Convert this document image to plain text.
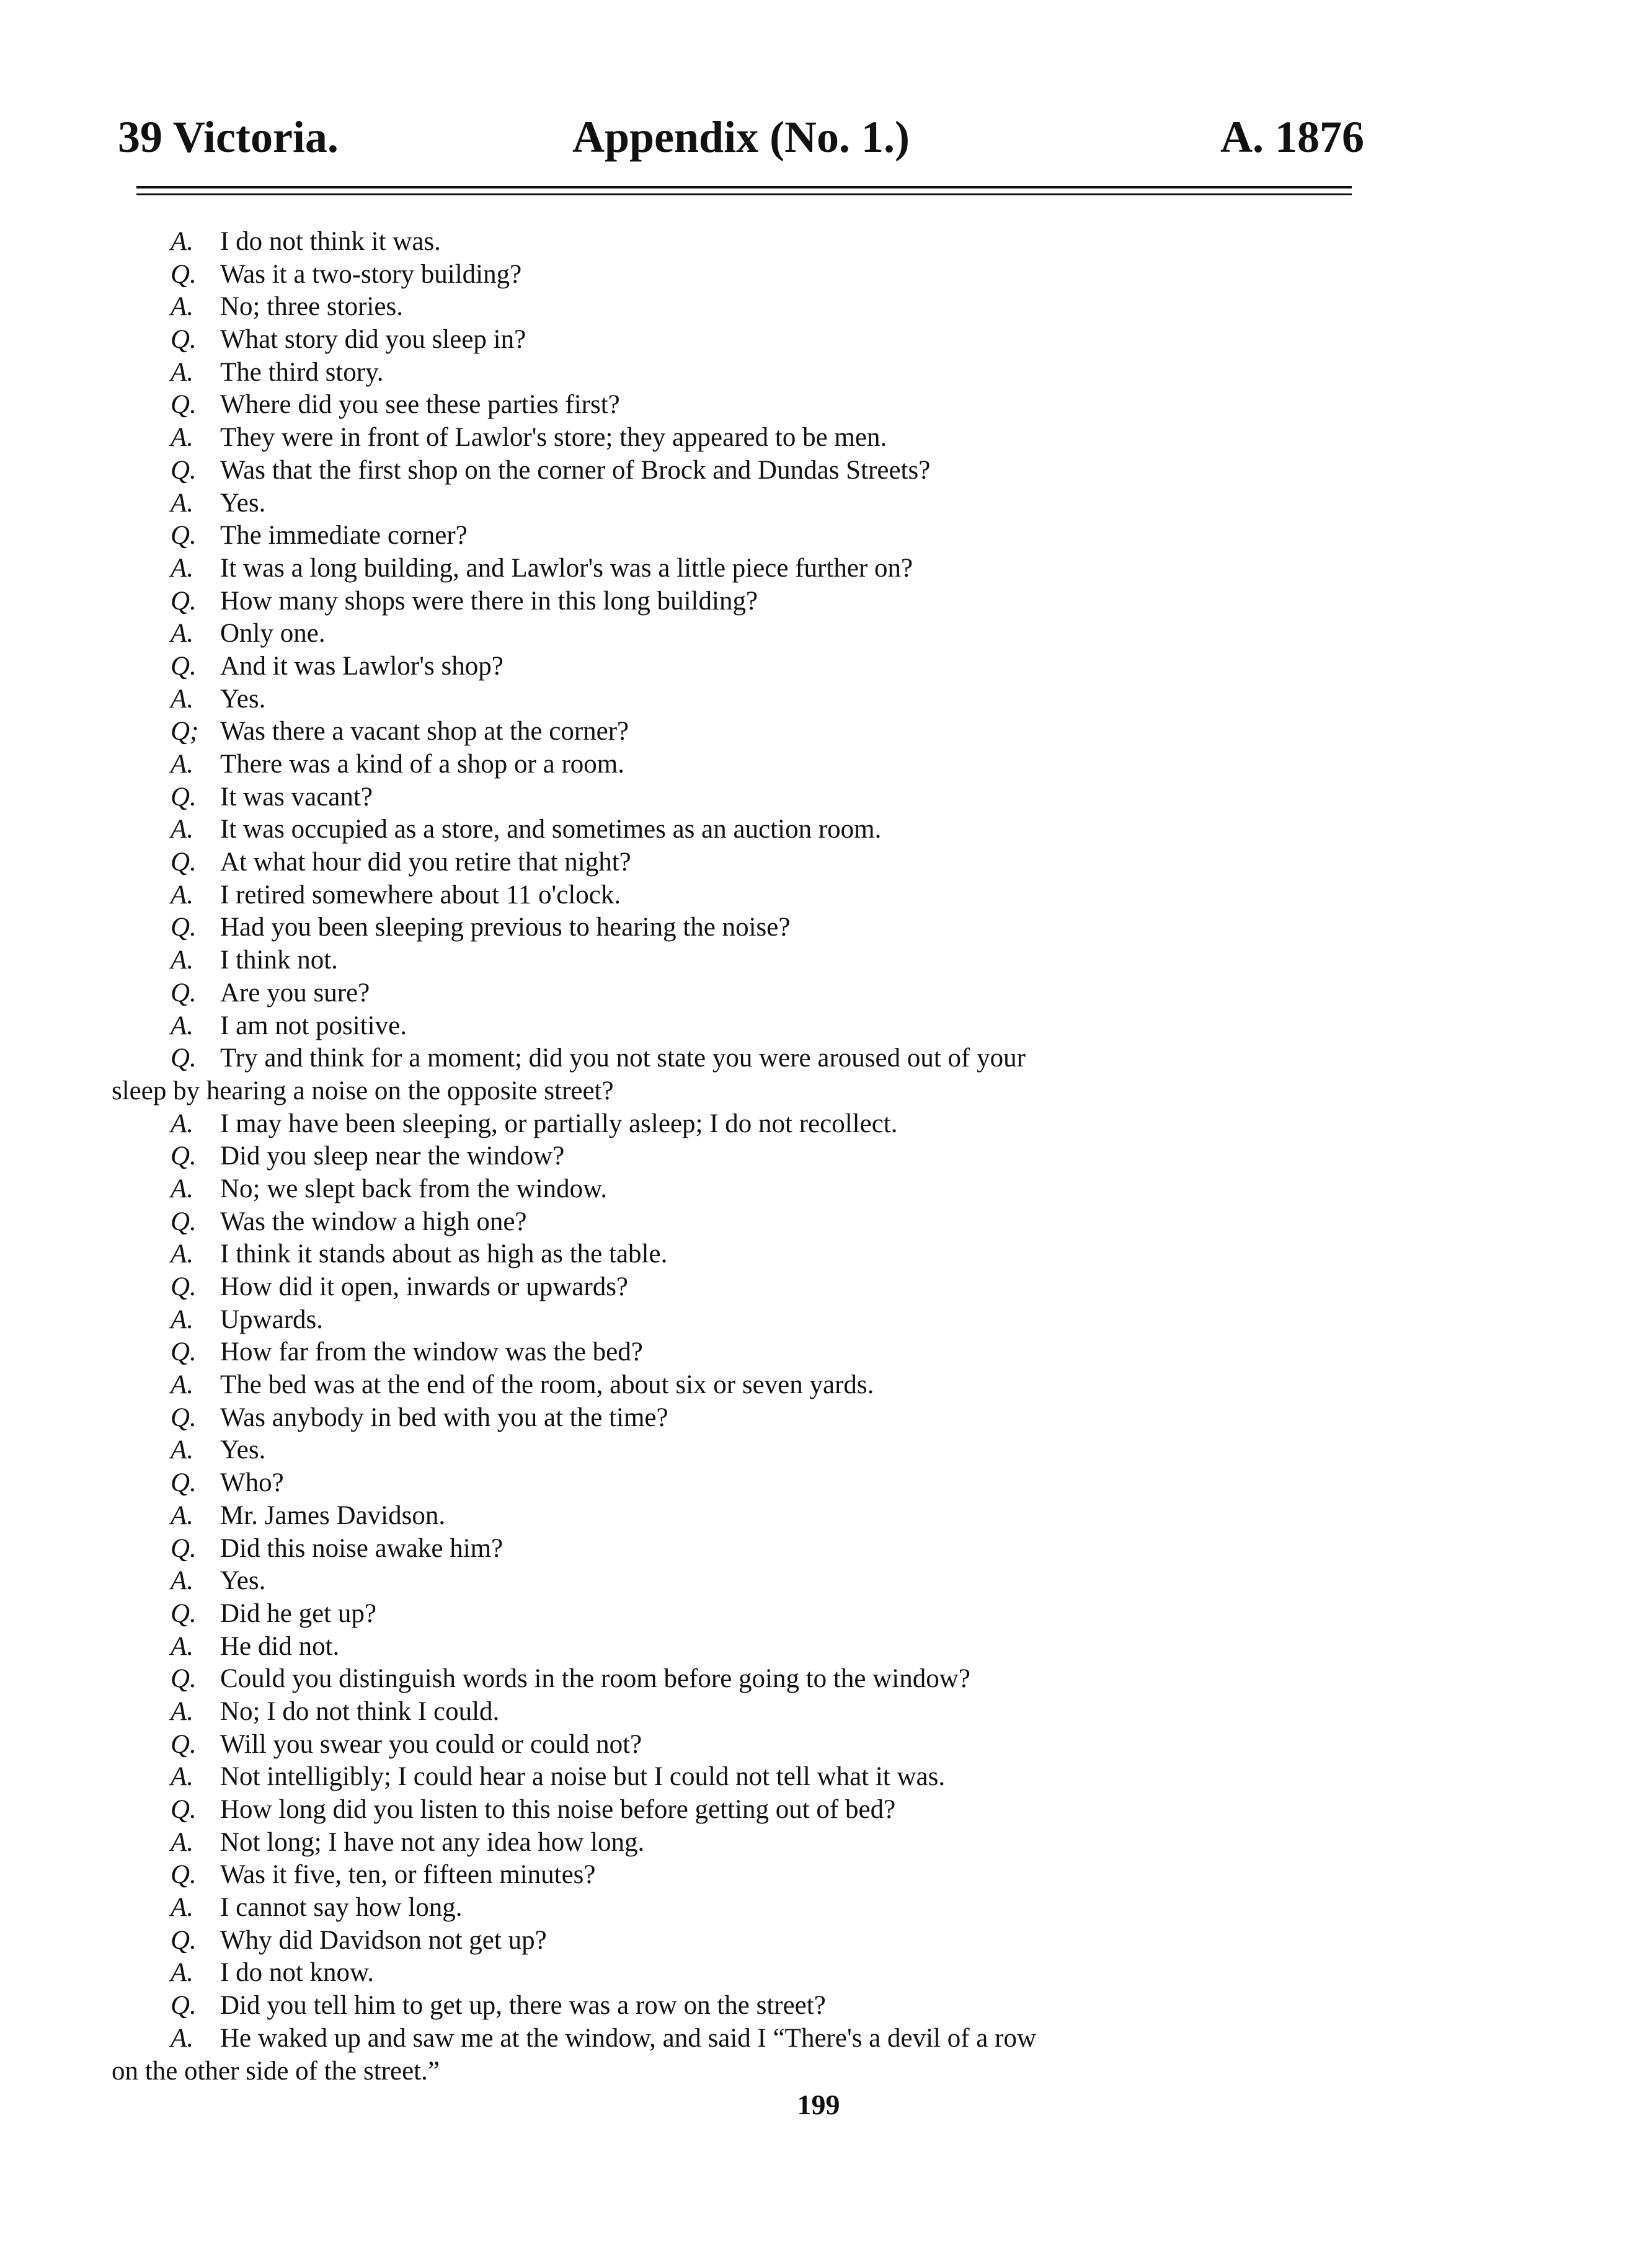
39 Victoria.	Appendix (No. 1.)	A. 1876
A. I do not think it was.
Q. Was it a two-story building?
A. No; three stories.
Q. What story did you sleep in?
A. The third story.
Q. Where did you see these parties first?
A. They were in front of Lawlor's store; they appeared to be men.
Q. Was that the first shop on the corner of Brock and Dundas Streets?
A. Yes.
Q. The immediate corner?
A. It was a long building, and Lawlor's was a little piece further on?
Q. How many shops were there in this long building?
A. Only one.
Q. And it was Lawlor's shop?
A. Yes.
Q; Was there a vacant shop at the corner?
A. There was a kind of a shop or a room.
Q. It was vacant?
A. It was occupied as a store, and sometimes as an auction room.
Q. At what hour did you retire that night?
A. I retired somewhere about 11 o'clock.
Q. Had you been sleeping previous to hearing the noise?
A. I think not.
Q. Are you sure?
A. I am not positive.
Q. Try and think for a moment; did you not state you were aroused out of your
sleep by hearing a noise on the opposite street?
A. I may have been sleeping, or partially asleep; I do not recollect.
Q. Did you sleep near the window?
A. No; we slept back from the window.
Q. Was the window a high one?
A. I think it stands about as high as the table.
Q. How did it open, inwards or upwards?
A. Upwards.
Q. How far from the window was the bed?
A. The bed was at the end of the room, about six or seven yards.
Q. Was anybody in bed with you at the time?
A. Yes.
Q. Who?
A. Mr. James Davidson.
Q. Did this noise awake him?
A. Yes.
Q. Did he get up?
A. He did not.
Q. Could you distinguish words in the room before going to the window?
A. No; I do not think I could.
Q. Will you swear you could or could not?
A. Not intelligibly; I could hear a noise but I could not tell what it was.
Q. How long did you listen to this noise before getting out of bed?
A. Not long; I have not any idea how long.
Q. Was it five, ten, or fifteen minutes?
A. I cannot say how long.
Q. Why did Davidson not get up?
A. I do not know.
Q. Did you tell him to get up, there was a row on the street?
A. He waked up and saw me at the window, and said I “There's a devil of a row
on the other side of the street.”
199
